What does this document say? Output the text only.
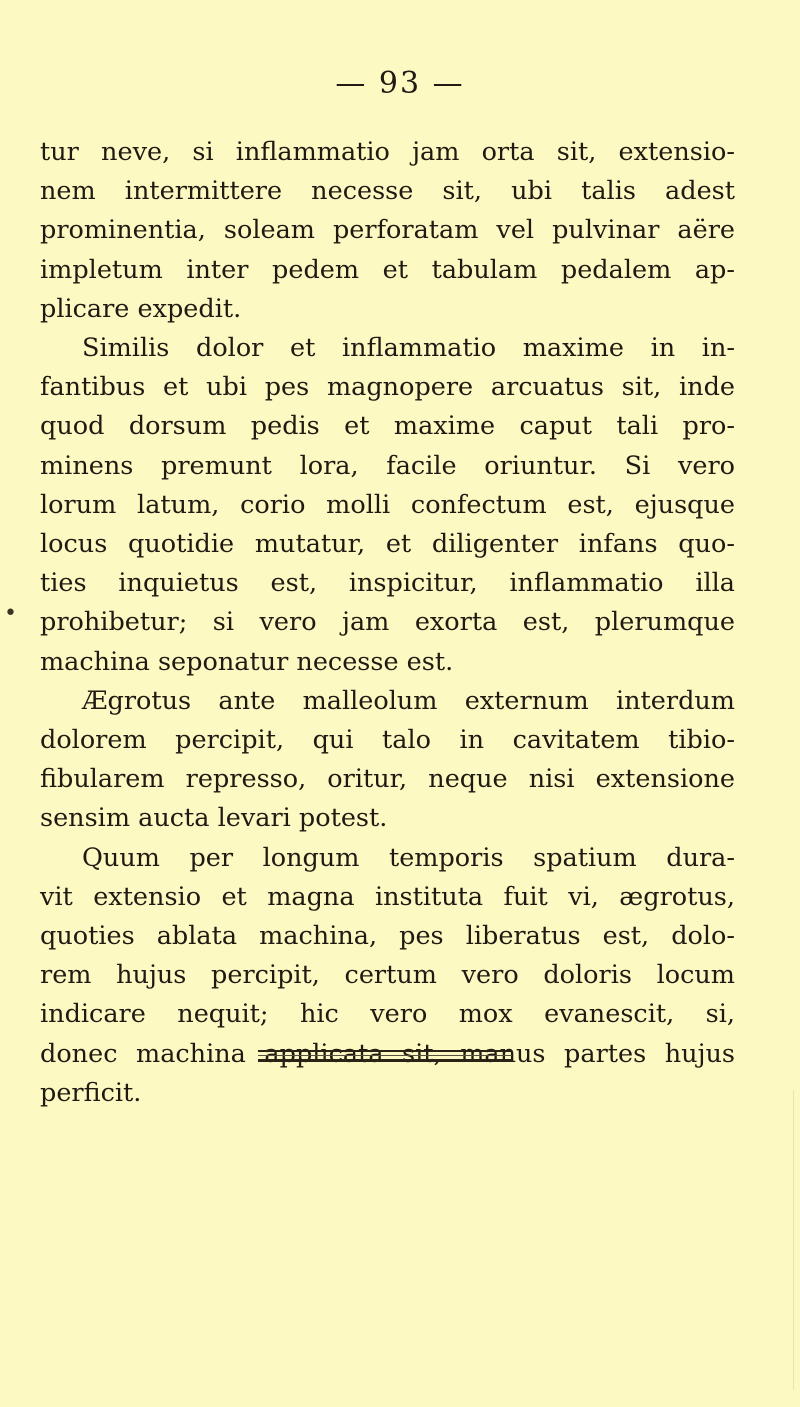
— 93 —
•
tur neve, si inflammatio jam orta sit, extensio-
nem intermittere necesse sit, ubi talis adest
prominentia, soleam perforatam vel pulvinar aëre
impletum inter pedem et tabulam pedalem ap-
plicare expedit.
Similis dolor et inflammatio maxime in in-
fantibus et ubi pes magnopere arcuatus sit, inde
quod dorsum pedis et maxime caput tali pro-
minens premunt lora, facile oriuntur. Si vero
lorum latum, corio molli confectum est, ejusque
locus quotidie mutatur, et diligenter infans quo-
ties inquietus est, inspicitur, inflammatio illa
prohibetur; si vero jam exorta est, plerumque
machina seponatur necesse est.
Ægrotus ante malleolum externum interdum
dolorem percipit, qui talo in cavitatem tibio-
fibularem represso, oritur, neque nisi extensione
sensim aucta levari potest.
Quum per longum temporis spatium dura-
vit extensio et magna instituta fuit vi, ægrotus,
quoties ablata machina, pes liberatus est, dolo-
rem hujus percipit, certum vero doloris locum
indicare nequit; hic vero mox evanescit, si,
donec machina applicata sit, manus partes hujus
perficit.
